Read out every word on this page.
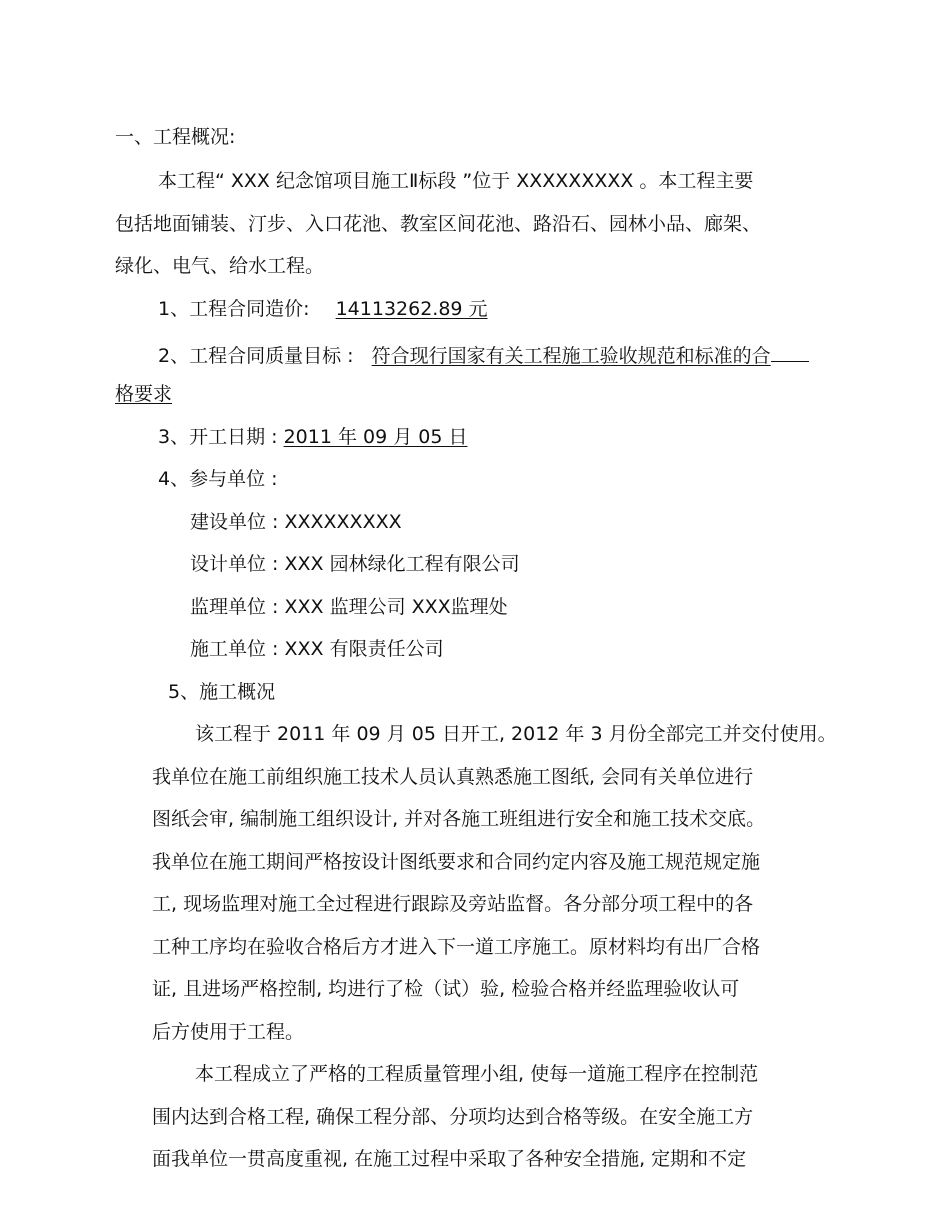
一、工程概况:
本工程“ XXX 纪念馆项目施工Ⅱ标段 ”位于 XXXXXXXXX 。本工程主要
包括地面铺装、汀步、入口花池、教室区间花池、路沿石、园林小品、廊架、
绿化、电气、给水工程。
1、工程合同造价: 14113262.89 元
2、工程合同质量目标 : 符合现行国家有关工程施工验收规范和标准的合
格要求
3、开工日期 : 2011 年 09 月 05 日
4、参与单位 :
建设单位 : XXXXXXXXX
设计单位 : XXX 园林绿化工程有限公司
监理单位 : XXX 监理公司 XXX监理处
施工单位 : XXX 有限责任公司
5、施工概况
该工程于 2011 年 09 月 05 日开工, 2012 年 3 月份全部完工并交付使用。
我单位在施工前组织施工技术人员认真熟悉施工图纸, 会同有关单位进行
图纸会审, 编制施工组织设计, 并对各施工班组进行安全和施工技术交底。
我单位在施工期间严格按设计图纸要求和合同约定内容及施工规范规定施
工, 现场监理对施工全过程进行跟踪及旁站监督。各分部分项工程中的各
工种工序均在验收合格后方才进入下一道工序施工。原材料均有出厂合格
证, 且进场严格控制, 均进行了检（试）验, 检验合格并经监理验收认可
后方使用于工程。
本工程成立了严格的工程质量管理小组, 使每一道施工程序在控制范
围内达到合格工程, 确保工程分部、分项均达到合格等级。在安全施工方
面我单位一贯高度重视, 在施工过程中采取了各种安全措施, 定期和不定
